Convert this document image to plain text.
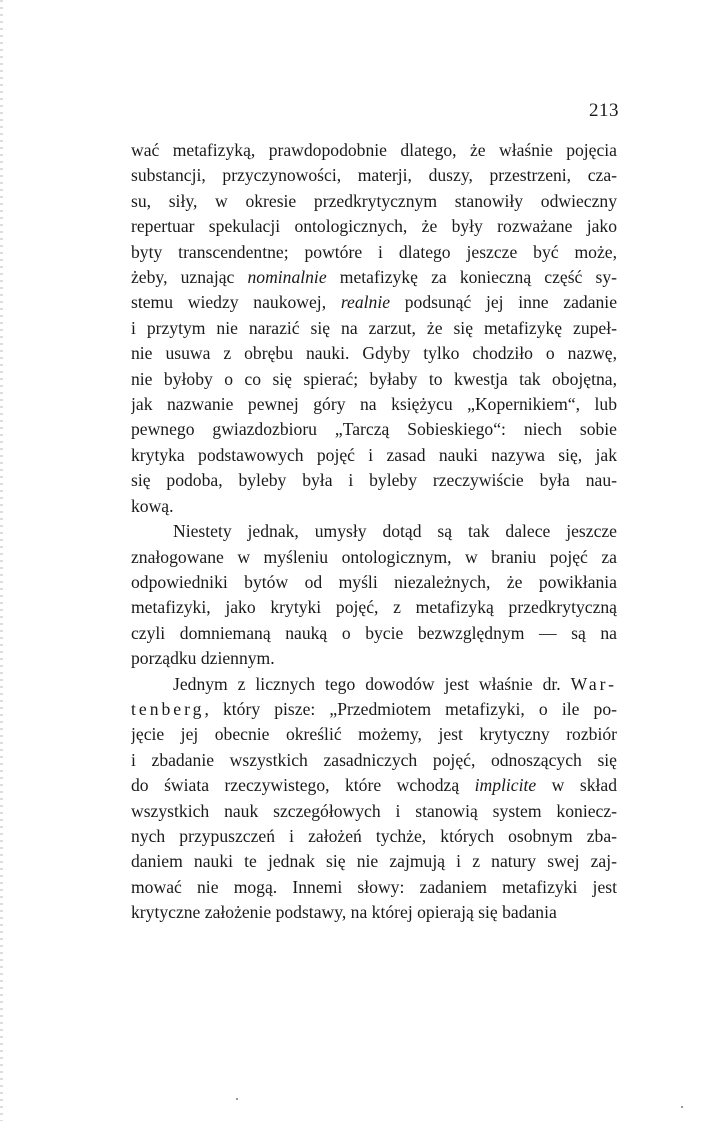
213
wać metafizyką, prawdopodobnie dlatego, że właśnie pojęcia
substancji, przyczynowości, materji, duszy, przestrzeni, cza-
su, siły, w okresie przedkrytycznym stanowiły odwieczny
repertuar spekulacji ontologicznych, że były rozważane jako
byty transcendentne; powtóre i dlatego jeszcze być może,
żeby, uznając nominalnie metafizykę za konieczną część sy-
stemu wiedzy naukowej, realnie podsunąć jej inne zadanie
i przytym nie narazić się na zarzut, że się metafizykę zupeł-
nie usuwa z obrębu nauki. Gdyby tylko chodziło o nazwę,
nie byłoby o co się spierać; byłaby to kwestja tak obojętna,
jak nazwanie pewnej góry na księżycu „Kopernikiem“, lub
pewnego gwiazdozbioru „Tarczą Sobieskiego“: niech sobie
krytyka podstawowych pojęć i zasad nauki nazywa się, jak
się podoba, byleby była i byleby rzeczywiście była nau-
kową.
Niestety jednak, umysły dotąd są tak dalece jeszcze
znałogowane w myśleniu ontologicznym, w braniu pojęć za
odpowiedniki bytów od myśli niezależnych, że powikłania
metafizyki, jako krytyki pojęć, z metafizyką przedkrytyczną
czyli domniemaną nauką o bycie bezwzględnym — są na
porządku dziennym.
Jednym z licznych tego dowodów jest właśnie dr. War-
tenberg, który pisze: „Przedmiotem metafizyki, o ile po-
jęcie jej obecnie określić możemy, jest krytyczny rozbiór
i zbadanie wszystkich zasadniczych pojęć, odnoszących się
do świata rzeczywistego, które wchodzą implicite w skład
wszystkich nauk szczegółowych i stanowią system koniecz-
nych przypuszczeń i założeń tychże, których osobnym zba-
daniem nauki te jednak się nie zajmują i z natury swej zaj-
mować nie mogą. Innemi słowy: zadaniem metafizyki jest
krytyczne założenie podstawy, na której opierają się badania
